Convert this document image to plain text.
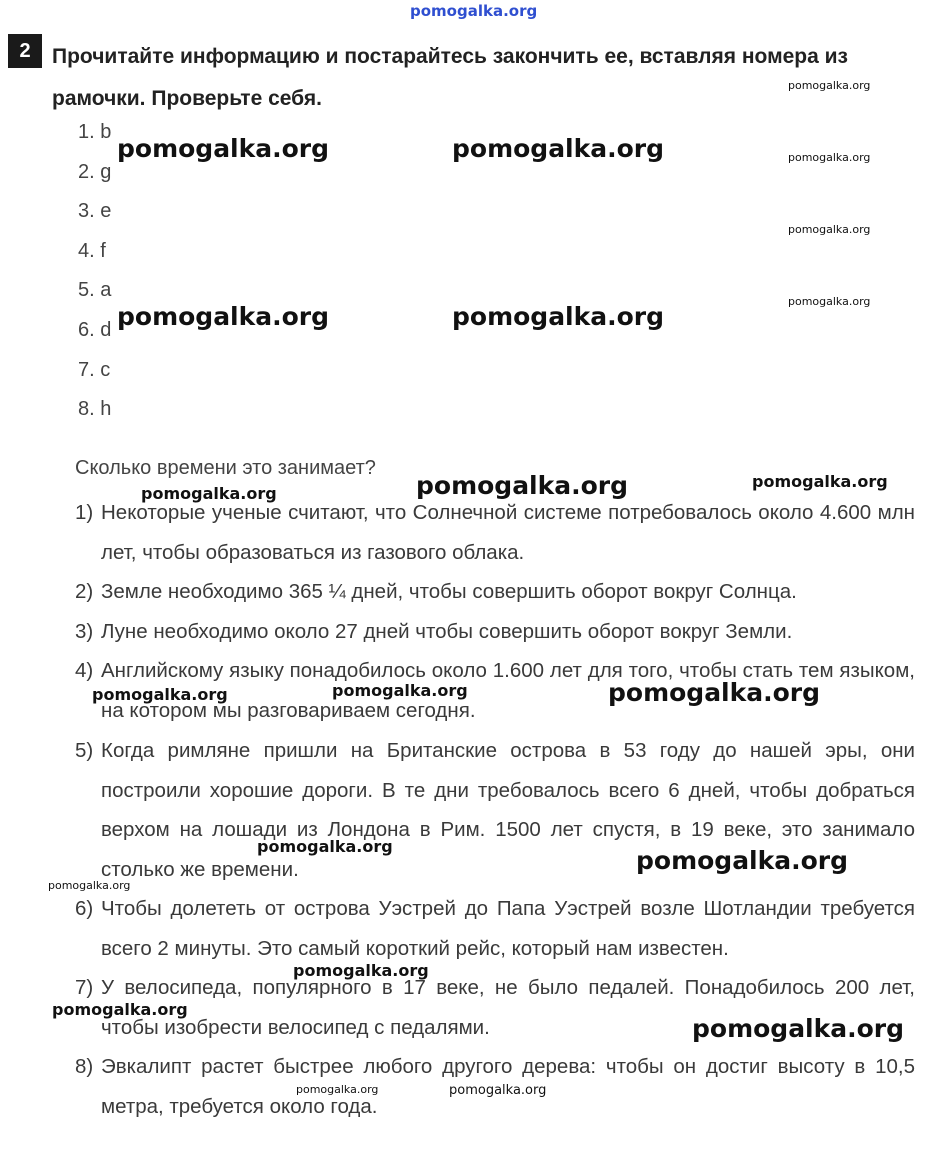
pomogalka.org
2	Прочитайте информацию и постарайтесь закончить ее, вставляя номера из рамочки. Проверьте себя.

1. b
2. g
3. e
4. f
5. a
6. d
7. c
8. h

Сколько времени это занимает?

1) Некоторые ученые считают, что Солнечной системе потребовалось около 4.600 млн лет, чтобы образоваться из газового облака.
2) Земле необходимо 365 ¼ дней, чтобы совершить оборот вокруг Солнца.
3) Луне необходимо около 27 дней чтобы совершить оборот вокруг Земли.
4) Английскому языку понадобилось около 1.600 лет для того, чтобы стать тем языком, на котором мы разговариваем сегодня.
5) Когда римляне пришли на Британские острова в 53 году до нашей эры, они построили хорошие дороги. В те дни требовалось всего 6 дней, чтобы добраться верхом на лошади из Лондона в Рим. 1500 лет спустя, в 19 веке, это занимало столько же времени.
6) Чтобы долететь от острова Уэстрей до Папа Уэстрей возле Шотландии требуется всего 2 минуты. Это самый короткий рейс, который нам известен.
7) У велосипеда, популярного в 17 веке, не было педалей. Понадобилось 200 лет, чтобы изобрести велосипед с педалями.
8) Эвкалипт растет быстрее любого другого дерева: чтобы он достиг высоту в 10,5 метра, требуется около года.
pomogalka.org
pomogalka.org	pomogalka.org	pomogalka.org
pomogalka.org
pomogalka.org
pomogalka.org	pomogalka.org
pomogalka.org	pomogalka.org
pomogalka.org
pomogalka.org
pomogalka.org	pomogalka.org
pomogalka.org	pomogalka.org
pomogalka.org
pomogalka.org
pomogalka.org
pomogalka.org
pomogalka.org	pomogalka.org
